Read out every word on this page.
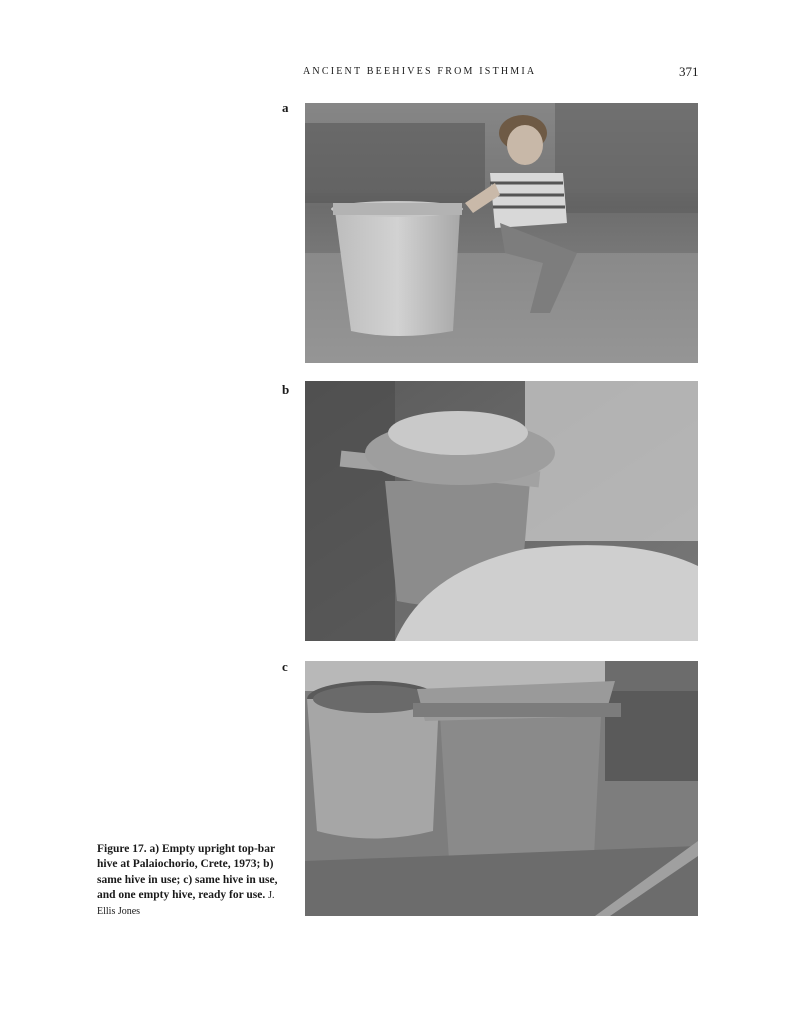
ANCIENT BEEHIVES FROM ISTHMIA	371
a
b
c
Figure 17. a) Empty upright top-bar hive at Palaiochorio, Crete, 1973; b) same hive in use; c) same hive in use, and one empty hive, ready for use. J. Ellis Jones
